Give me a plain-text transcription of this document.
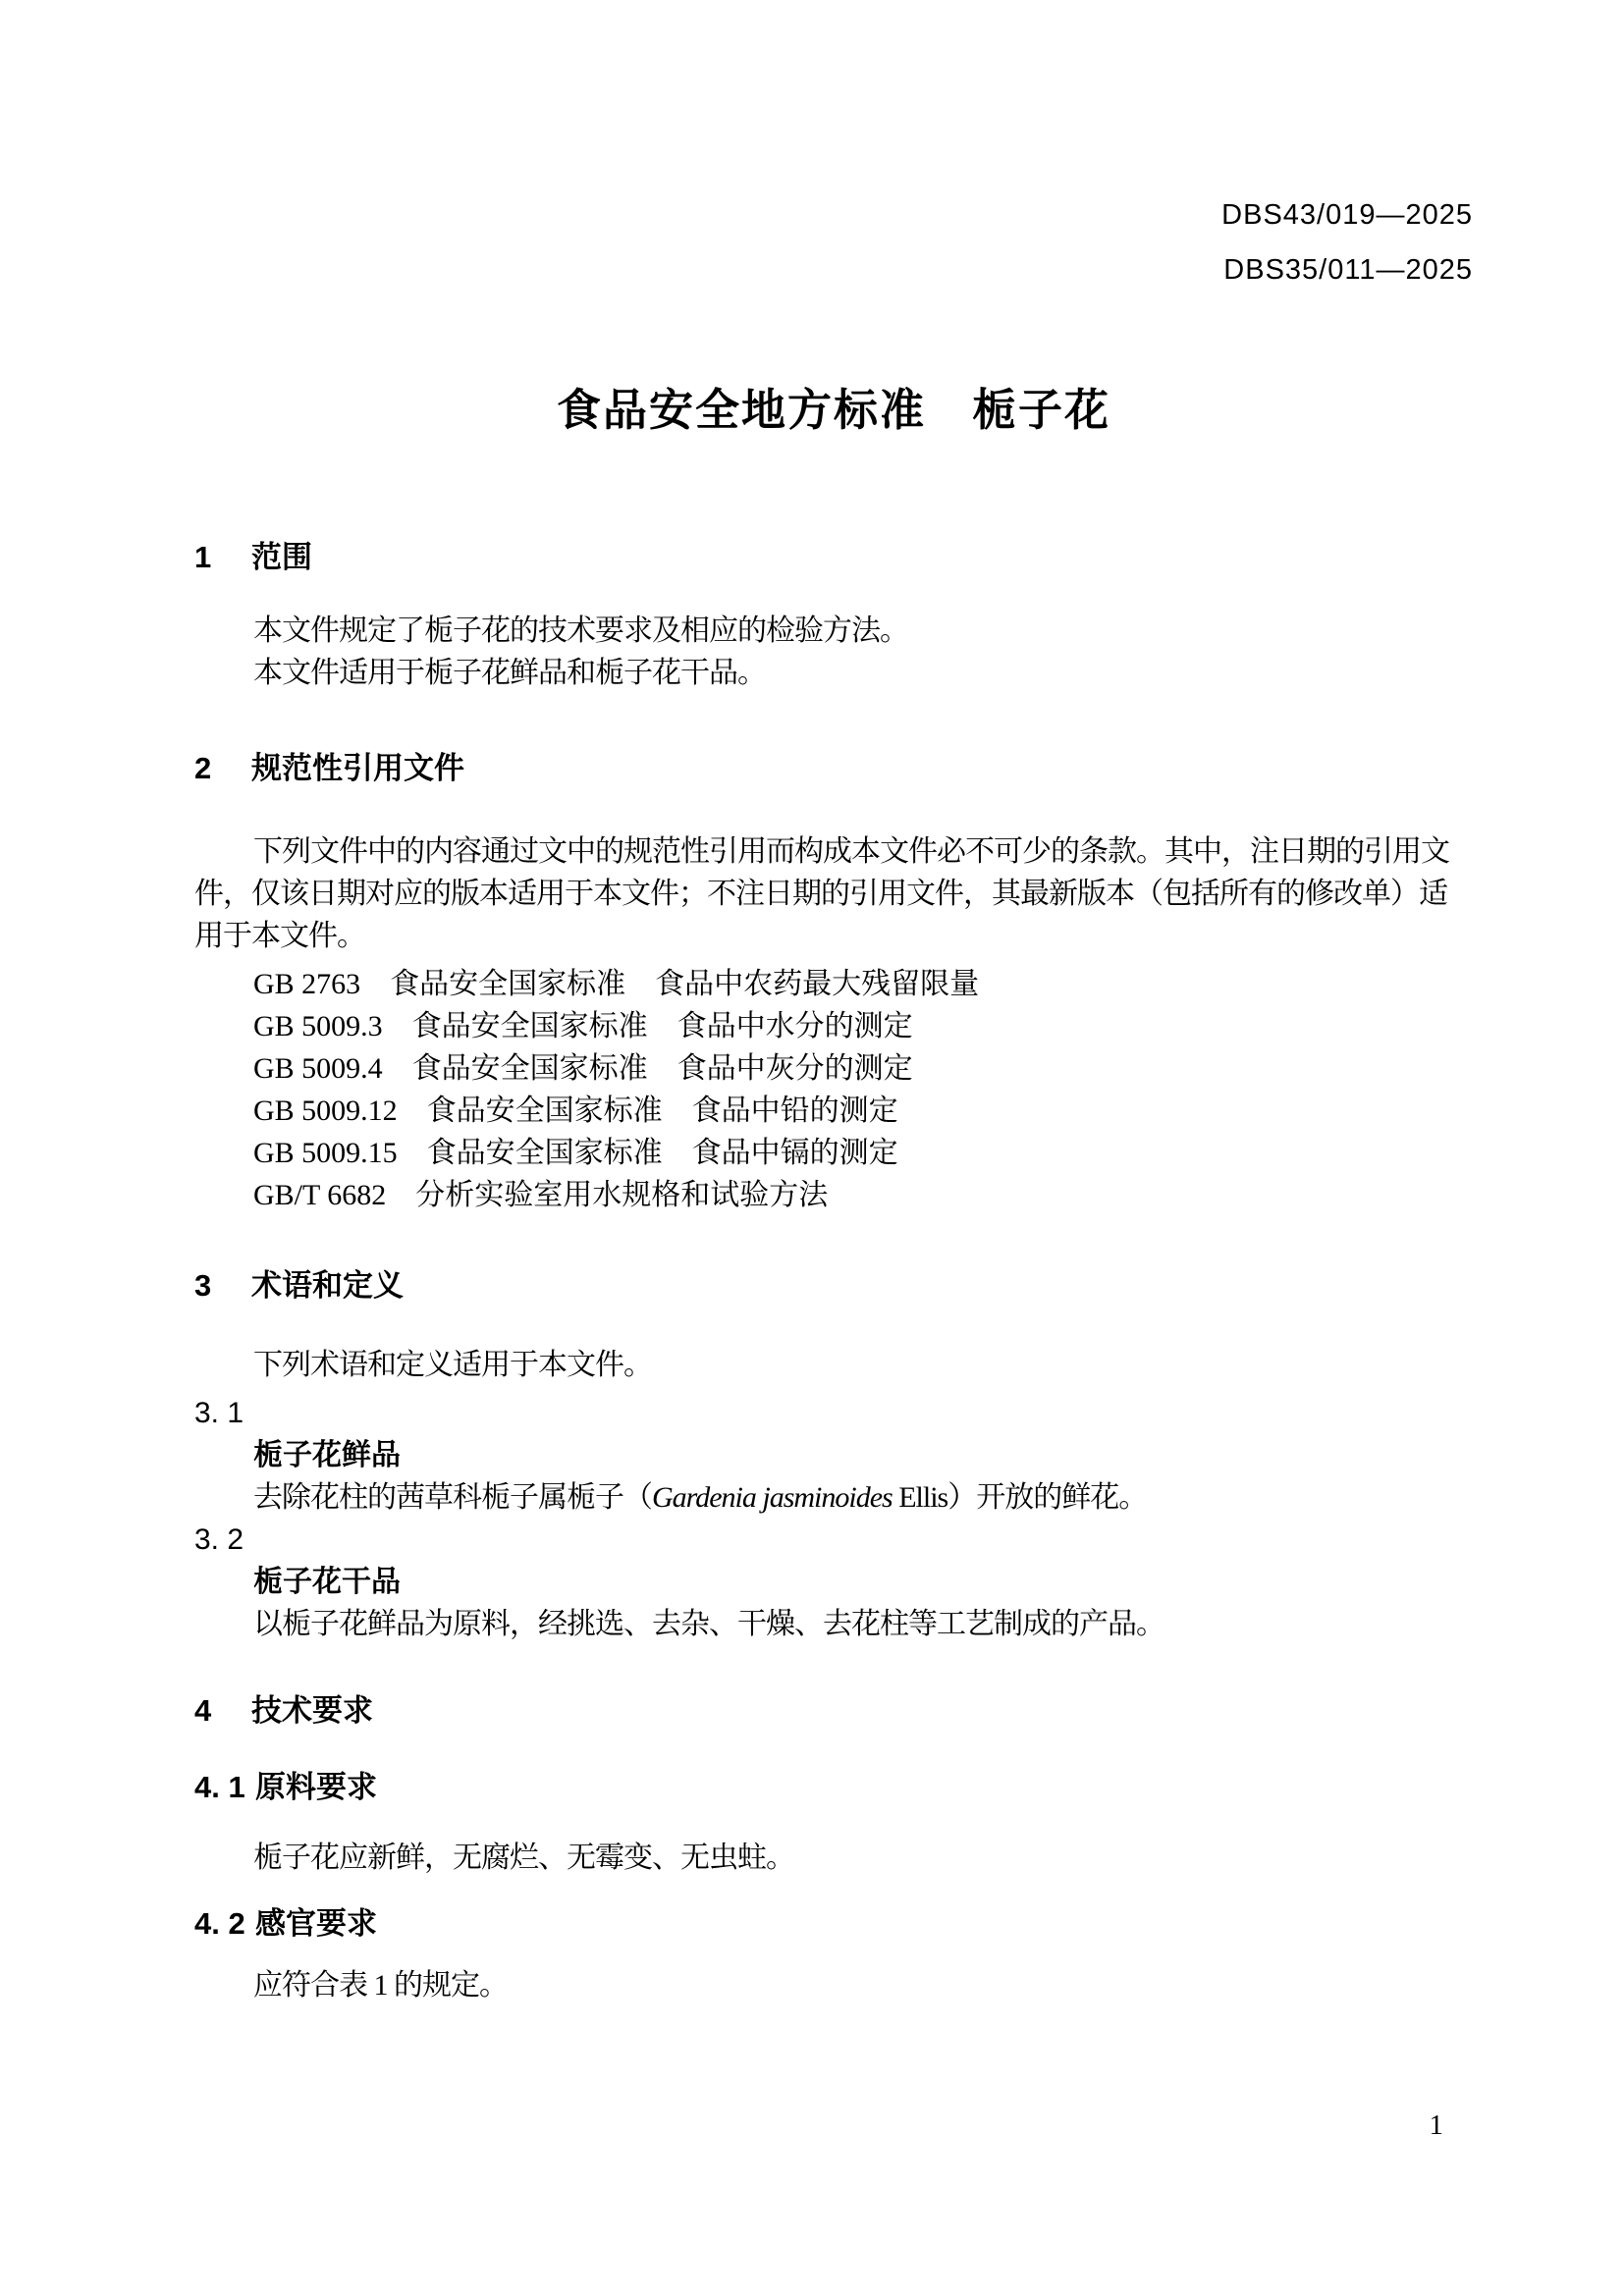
DBS43/019—2025
DBS35/011—2025
食品安全地方标准　栀子花
1	范围
本文件规定了栀子花的技术要求及相应的检验方法。
本文件适用于栀子花鲜品和栀子花干品。
2	规范性引用文件
下列文件中的内容通过文中的规范性引用而构成本文件必不可少的条款。其中，注日期的引用文件，仅该日期对应的版本适用于本文件；不注日期的引用文件，其最新版本（包括所有的修改单）适用于本文件。
GB 2763　食品安全国家标准　食品中农药最大残留限量
GB 5009.3　食品安全国家标准　食品中水分的测定
GB 5009.4　食品安全国家标准　食品中灰分的测定
GB 5009.12　食品安全国家标准　食品中铅的测定
GB 5009.15　食品安全国家标准　食品中镉的测定
GB/T 6682　分析实验室用水规格和试验方法
3	术语和定义
下列术语和定义适用于本文件。
3. 1
栀子花鲜品
去除花柱的茜草科栀子属栀子（Gardenia jasminoides Ellis）开放的鲜花。
3. 2
栀子花干品
以栀子花鲜品为原料，经挑选、去杂、干燥、去花柱等工艺制成的产品。
4	技术要求
4. 1 原料要求
栀子花应新鲜，无腐烂、无霉变、无虫蛀。
4. 2 感官要求
应符合表 1 的规定。
1
